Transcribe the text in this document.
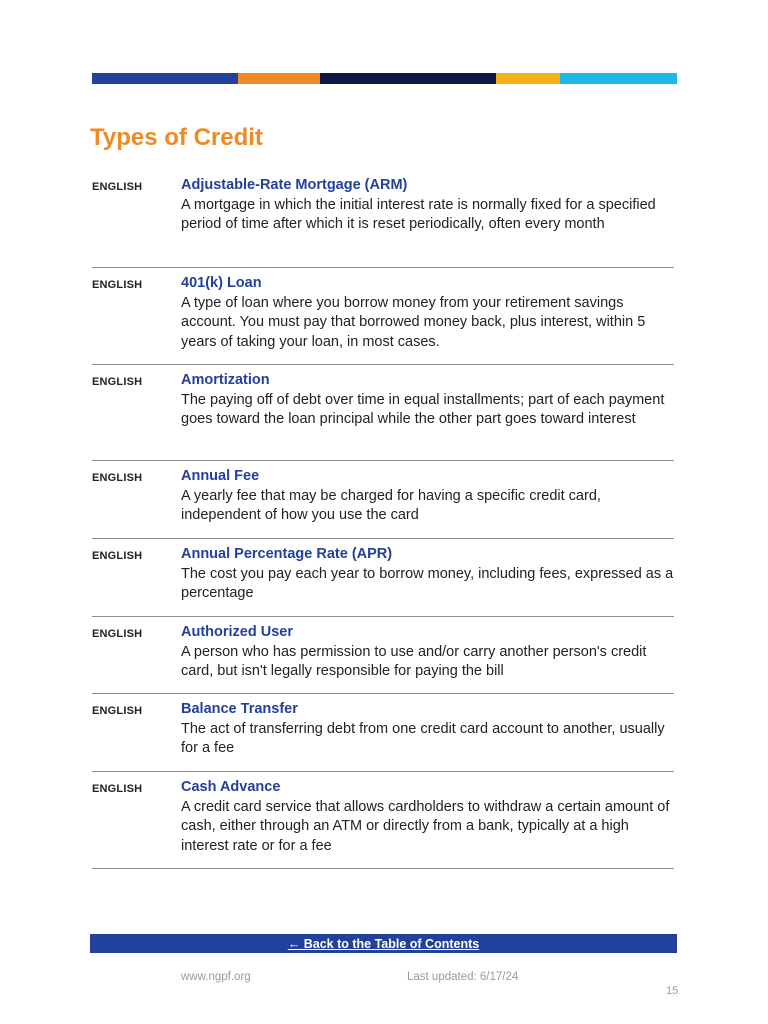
Types of Credit
ENGLISH	Adjustable-Rate Mortgage (ARM)
A mortgage in which the initial interest rate is normally fixed for a specified period of time after which it is reset periodically, often every month
ENGLISH	401(k) Loan
A type of loan where you borrow money from your retirement savings account. You must pay that borrowed money back, plus interest, within 5 years of taking your loan, in most cases.
ENGLISH	Amortization
The paying off of debt over time in equal installments; part of each payment goes toward the loan principal while the other part goes toward interest
ENGLISH	Annual Fee
A yearly fee that may be charged for having a specific credit card, independent of how you use the card
ENGLISH	Annual Percentage Rate (APR)
The cost you pay each year to borrow money, including fees, expressed as a percentage
ENGLISH	Authorized User
A person who has permission to use and/or carry another person's credit card, but isn't legally responsible for paying the bill
ENGLISH	Balance Transfer
The act of transferring debt from one credit card account to another, usually for a fee
ENGLISH	Cash Advance
A credit card service that allows cardholders to withdraw a certain amount of cash, either through an ATM or directly from a bank, typically at a high interest rate or for a fee
← Back to the Table of Contents
www.ngpf.org	Last updated: 6/17/24
15
